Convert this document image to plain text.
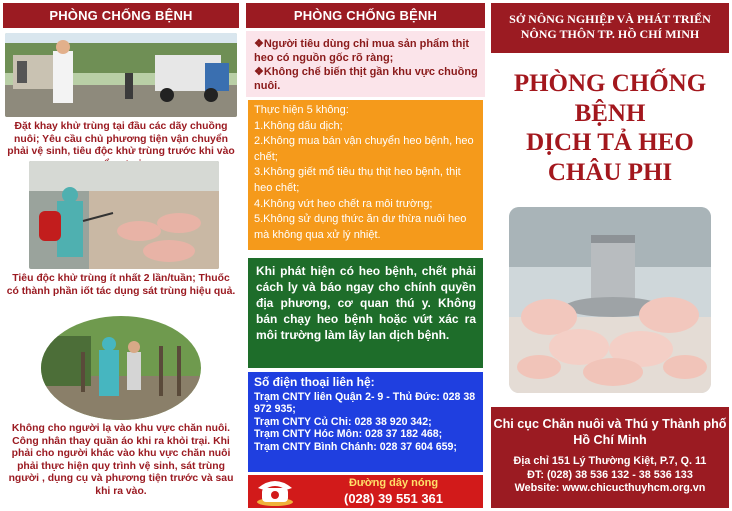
PHÒNG CHỐNG BỆNH
Đặt khay khử trùng tại đầu các dãy chuồng nuôi; Yêu cầu chủ phương tiện vận chuyển phải vệ sinh, tiêu độc khử trùng trước khi vào
Tiêu độc khử trùng ít nhất 2 lần/tuần; Thuốc có thành phần iốt tác dụng sát trùng hiệu quả.
Không cho người lạ vào khu vực chăn nuôi. Công nhân thay quần áo khi ra khỏi trại. Khi phải cho người khác vào khu vực chăn nuôi phải thực hiện quy trình vệ sinh, sát trùng người , dụng cụ và phương tiện trước và sau khi ra vào.
PHÒNG CHỐNG BỆNH
❖Người tiêu dùng chỉ mua sản phẩm thịt heo có nguồn gốc rõ ràng;
❖Không chế biến thịt gần khu vực chuồng nuôi.
Thực hiện 5 không:
1.Không dấu dịch;
2.Không mua bán vận chuyển heo bệnh, heo chết;
3.Không giết mổ tiêu thụ thịt heo bệnh, thịt heo chết;
4.Không vứt heo chết ra môi trường;
5.Không sử dụng thức ăn dư thừa nuôi heo mà không qua xử lý nhiệt.
Khi phát hiện có heo bệnh, chết phải cách ly và báo ngay cho chính quyền địa phương, cơ quan thú y. Không bán chạy heo bệnh hoặc vứt xác ra môi trường làm lây lan dịch bệnh.
Số điện thoại liên hệ:
Trạm CNTY liên Quận 2- 9 - Thủ Đức: 028 38 972 935;
Trạm CNTY Củ Chi: 028 38 920 342;
Trạm CNTY Hóc Môn: 028 37 182 468;
Trạm CNTY Bình Chánh: 028 37 604 659;
Đường dây nóng
(028) 39 551 361
SỞ NÔNG NGHIỆP VÀ PHÁT TRIỂN NÔNG THÔN TP. HỒ CHÍ MINH
PHÒNG CHỐNG
BỆNH
DỊCH TẢ HEO
CHÂU PHI
Chi cục Chăn nuôi và Thú y Thành phố Hồ Chí Minh
Địa chỉ 151 Lý Thường Kiệt, P.7, Q. 11
ĐT: (028) 38 536 132 - 38 536 133
Website: www.chicucthuyhcm.org.vn
